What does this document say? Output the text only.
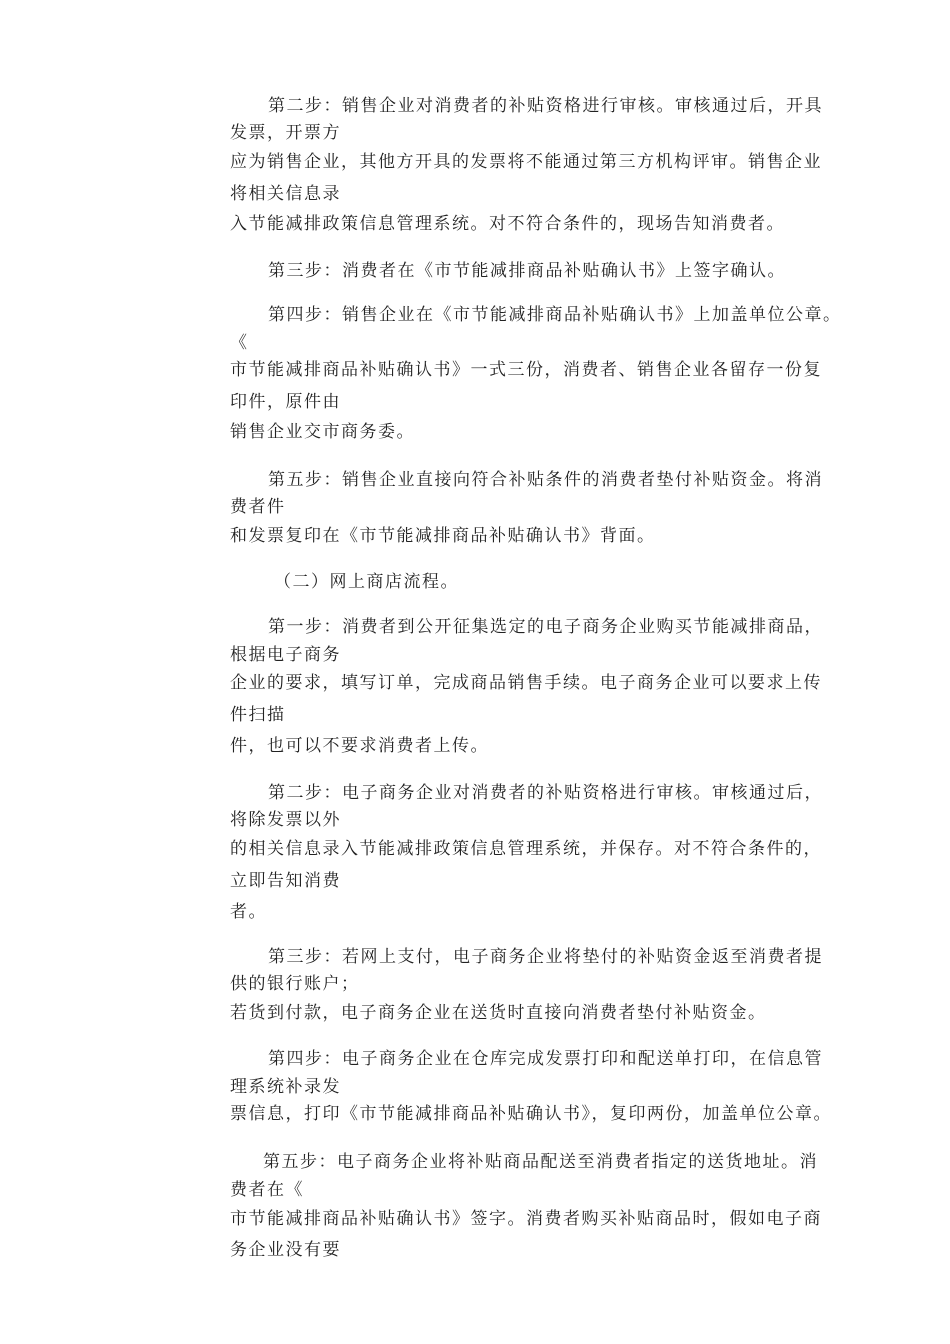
第二步：销售企业对消费者的补贴资格进行审核。审核通过后，开具
发票，开票方
应为销售企业，其他方开具的发票将不能通过第三方机构评审。销售企业
将相关信息录
入节能减排政策信息管理系统。对不符合条件的，现场告知消费者。
第三步：消费者在《市节能减排商品补贴确认书》上签字确认。
第四步：销售企业在《市节能减排商品补贴确认书》上加盖单位公章。
《
市节能减排商品补贴确认书》一式三份，消费者、销售企业各留存一份复
印件，原件由
销售企业交市商务委。
第五步：销售企业直接向符合补贴条件的消费者垫付补贴资金。将消
费者件
和发票复印在《市节能减排商品补贴确认书》背面。
（二）网上商店流程。
第一步：消费者到公开征集选定的电子商务企业购买节能减排商品，
根据电子商务
企业的要求，填写订单，完成商品销售手续。电子商务企业可以要求上传
件扫描
件，也可以不要求消费者上传。
第二步：电子商务企业对消费者的补贴资格进行审核。审核通过后，
将除发票以外
的相关信息录入节能减排政策信息管理系统，并保存。对不符合条件的，
立即告知消费
者。
第三步：若网上支付，电子商务企业将垫付的补贴资金返至消费者提
供的银行账户；
若货到付款，电子商务企业在送货时直接向消费者垫付补贴资金。
第四步：电子商务企业在仓库完成发票打印和配送单打印，在信息管
理系统补录发
票信息，打印《市节能减排商品补贴确认书》，复印两份，加盖单位公章。
第五步：电子商务企业将补贴商品配送至消费者指定的送货地址。消
费者在《
市节能减排商品补贴确认书》签字。消费者购买补贴商品时，假如电子商
务企业没有要
